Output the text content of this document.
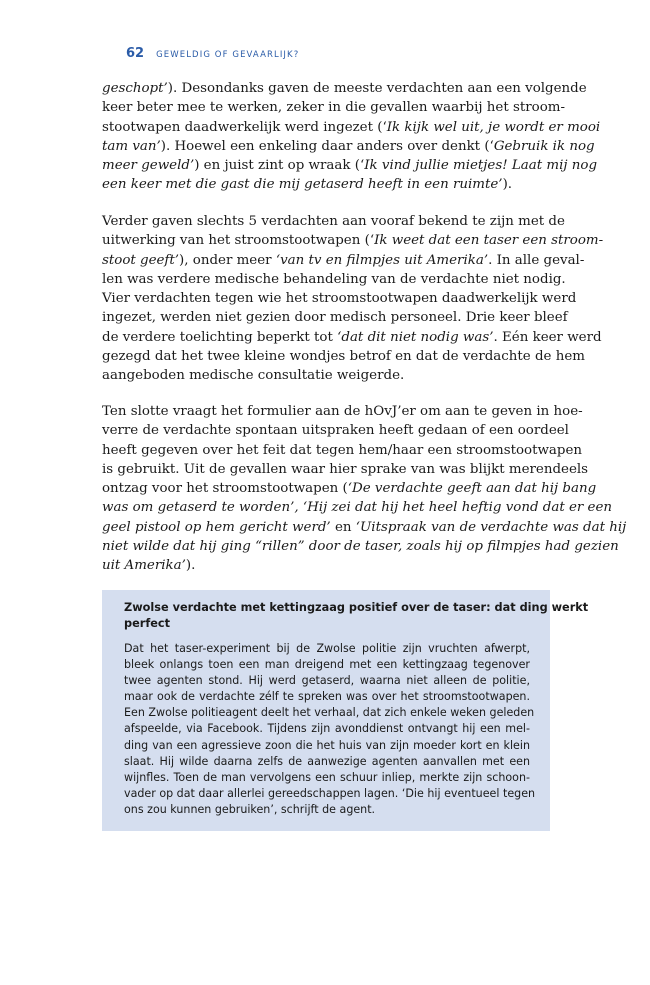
62 GEWELDIG OF GEVAARLIJK?

geschopt’). Desondanks gaven de meeste verdachten aan een volgende
keer beter mee te werken, zeker in die gevallen waarbij het stroom-
stootwapen daadwerkelijk werd ingezet (‘Ik kijk wel uit, je wordt er mooi
tam van’). Hoewel een enkeling daar anders over denkt (‘Gebruik ik nog
meer geweld’) en juist zint op wraak (‘Ik vind jullie mietjes! Laat mij nog
een keer met die gast die mij getaserd heeft in een ruimte’).

Verder gaven slechts 5 verdachten aan vooraf bekend te zijn met de
uitwerking van het stroomstootwapen (‘Ik weet dat een taser een stroom-
stoot geeft’), onder meer ‘van tv en filmpjes uit Amerika’. In alle geval-
len was verdere medische behandeling van de verdachte niet nodig.
Vier verdachten tegen wie het stroomstootwapen daadwerkelijk werd
ingezet, werden niet gezien door medisch personeel. Drie keer bleef
de verdere toelichting beperkt tot ‘dat dit niet nodig was’. Eén keer werd
gezegd dat het twee kleine wondjes betrof en dat de verdachte de hem
aangeboden medische consultatie weigerde.

Ten slotte vraagt het formulier aan de hOvJ’er om aan te geven in hoe-
verre de verdachte spontaan uitspraken heeft gedaan of een oordeel
heeft gegeven over het feit dat tegen hem/haar een stroomstootwapen
is gebruikt. Uit de gevallen waar hier sprake van was blijkt merendeels
ontzag voor het stroomstootwapen (‘De verdachte geeft aan dat hij bang
was om getaserd te worden’, ‘Hij zei dat hij het heel heftig vond dat er een
geel pistool op hem gericht werd’ en ‘Uitspraak van de verdachte was dat hij
niet wilde dat hij ging “rillen” door de taser, zoals hij op filmpjes had gezien
uit Amerika’).

Zwolse verdachte met kettingzaag positief over de taser: dat ding werkt
perfect

Dat het taser-experiment bij de Zwolse politie zijn vruchten afwerpt,
bleek onlangs toen een man dreigend met een kettingzaag tegenover
twee agenten stond. Hij werd getaserd, waarna niet alleen de politie,
maar ook de verdachte zélf te spreken was over het stroomstootwapen.
Een Zwolse politieagent deelt het verhaal, dat zich enkele weken geleden
afspeelde, via Facebook. Tijdens zijn avonddienst ontvangt hij een mel-
ding van een agressieve zoon die het huis van zijn moeder kort en klein
slaat. Hij wilde daarna zelfs de aanwezige agenten aanvallen met een
wijnfles. Toen de man vervolgens een schuur inliep, merkte zijn schoon-
vader op dat daar allerlei gereedschappen lagen. ‘Die hij eventueel tegen
ons zou kunnen gebruiken’, schrijft de agent.
